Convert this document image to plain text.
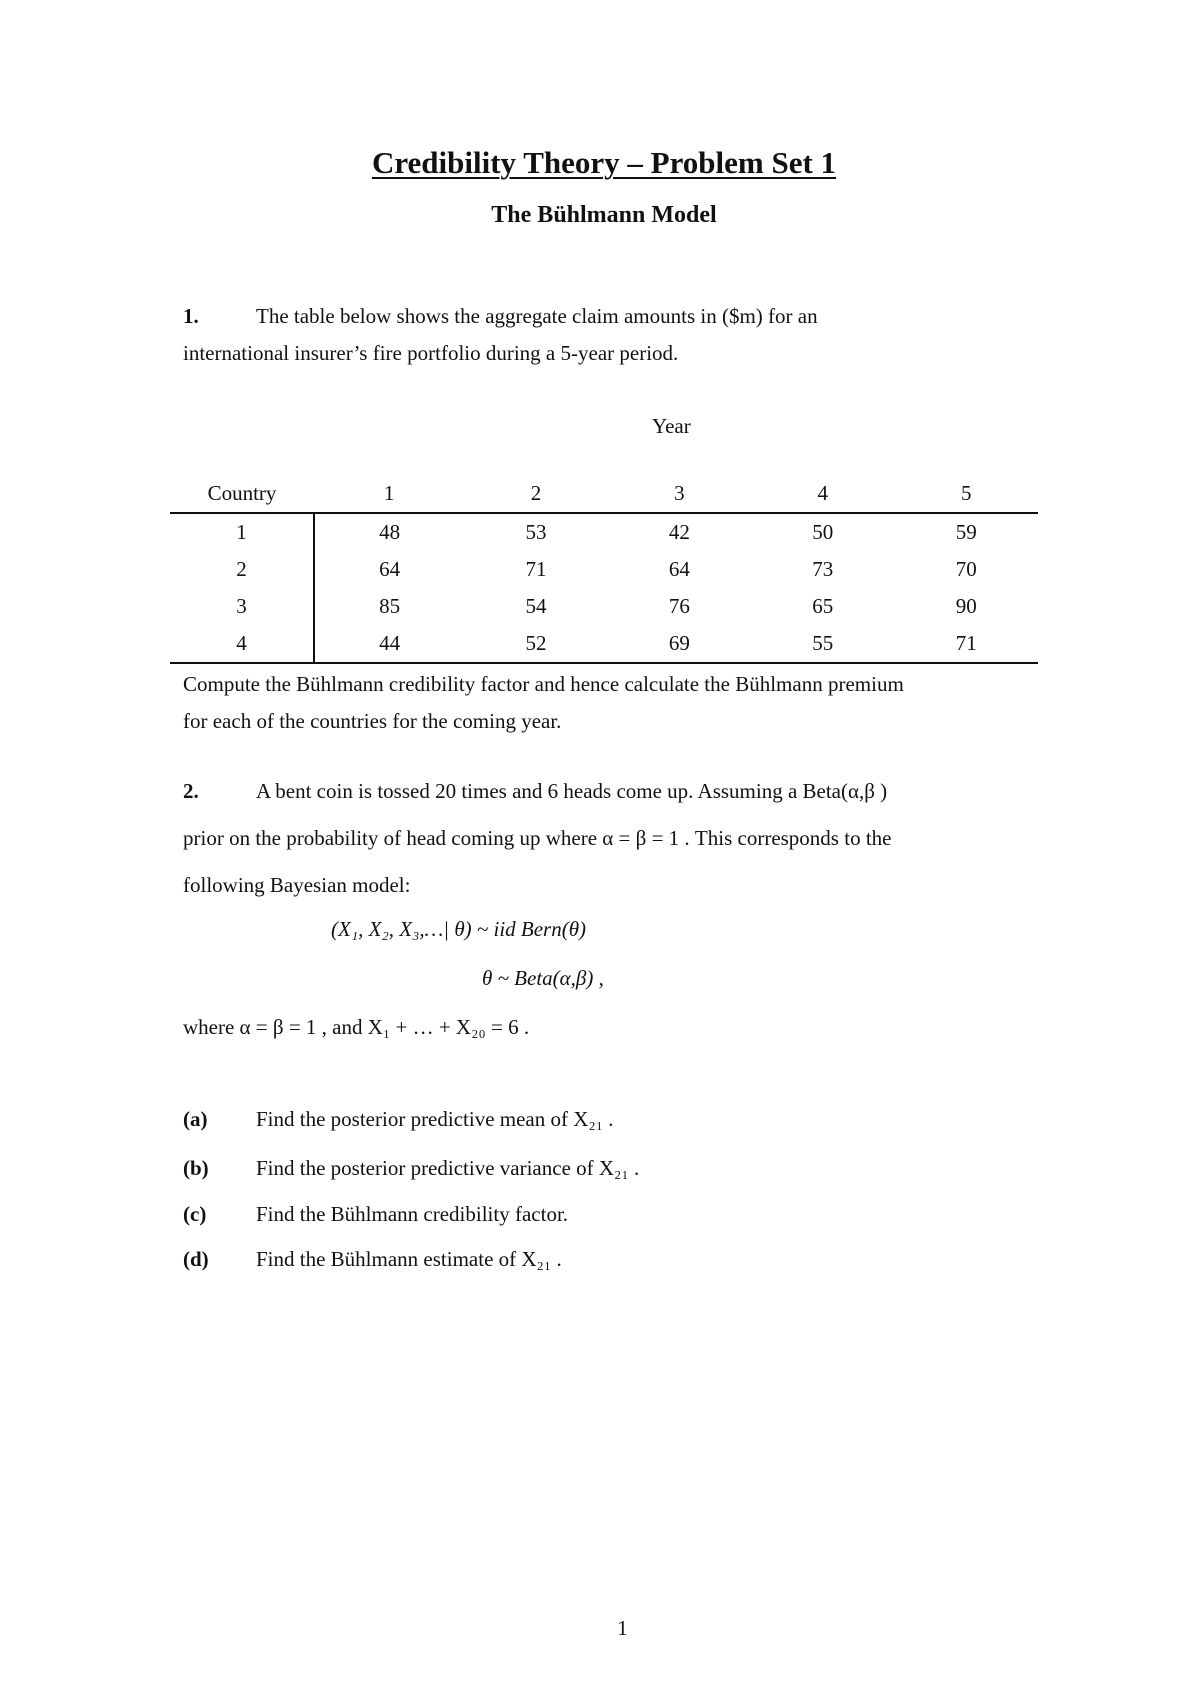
Credibility Theory – Problem Set 1
The Bühlmann Model
1.	The table below shows the aggregate claim amounts in ($m) for an
international insurer’s fire portfolio during a 5-year period.
Year
Country	1	2	3	4	5
1	48	53	42	50	59
2	64	71	64	73	70
3	85	54	76	65	90
4	44	52	69	55	71
Compute the Bühlmann credibility factor and hence calculate the Bühlmann premium
for each of the countries for the coming year.
2.	A bent coin is tossed 20 times and 6 heads come up. Assuming a Beta(α,β )
prior on the probability of head coming up where α = β = 1 . This corresponds to the
following Bayesian model:
(X₁, X₂, X₃,…| θ) ~ iid Bern(θ)
θ ~ Beta(α,β) ,
where α = β = 1 , and X₁ + … + X₂₀ = 6 .
(a) Find the posterior predictive mean of X₂₁ .
(b) Find the posterior predictive variance of X₂₁ .
(c) Find the Bühlmann credibility factor.
(d) Find the Bühlmann estimate of X₂₁ .
1
